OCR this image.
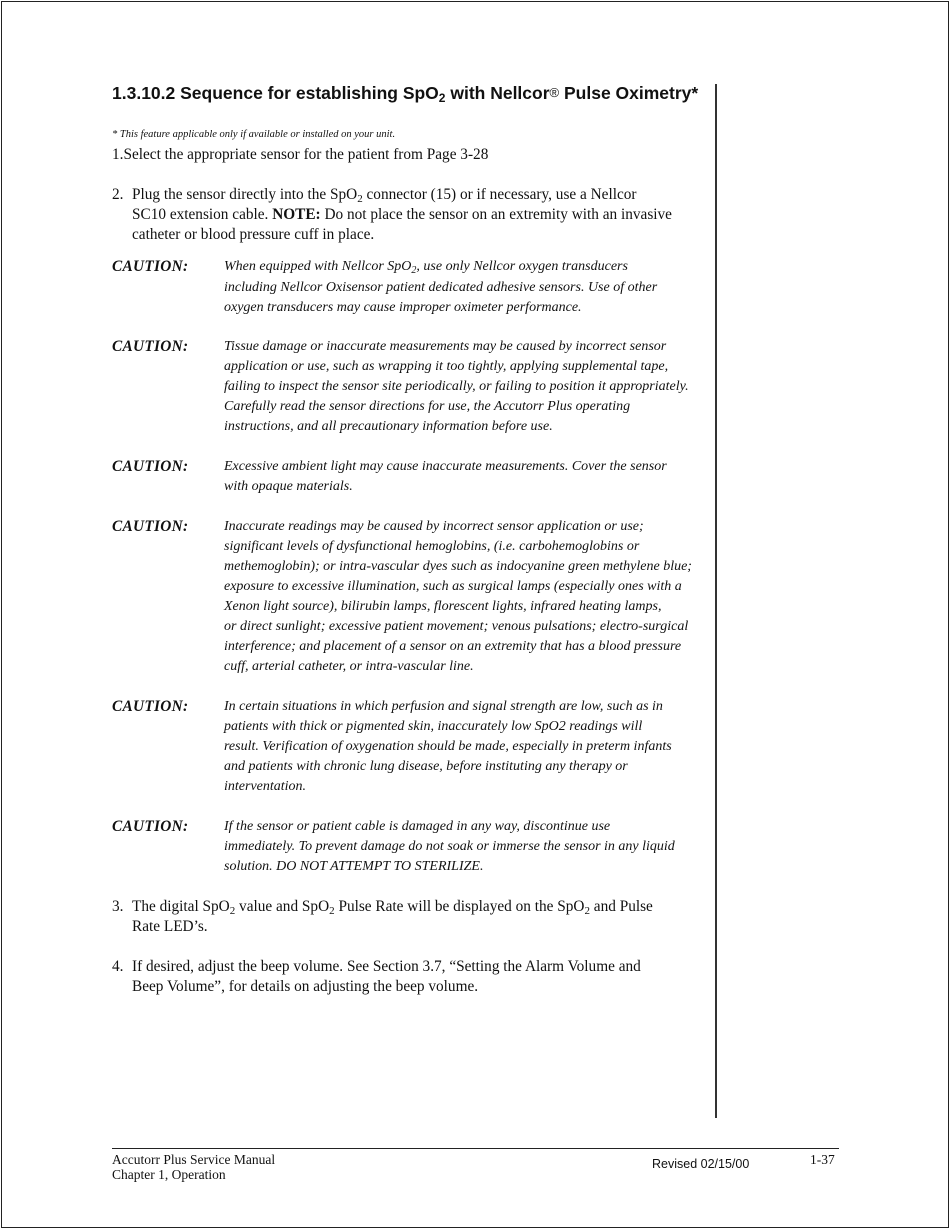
1.3.10.2 Sequence for establishing SpO2 with Nellcor® Pulse Oximetry*
* This feature applicable only if available or installed on your unit.
1.Select the appropriate sensor for the patient from Page 3-28
2. Plug the sensor directly into the SpO2 connector (15) or if necessary, use a Nellcor
SC10 extension cable. NOTE: Do not place the sensor on an extremity with an invasive
catheter or blood pressure cuff in place.
CAUTION:	When equipped with Nellcor SpO$_2$, use only Nellcor oxygen transducers
including Nellcor Oxisensor patient dedicated adhesive sensors. Use of other
oxygen transducers may cause improper oximeter performance.
CAUTION:	Tissue damage or inaccurate measurements may be caused by incorrect sensor
application or use, such as wrapping it too tightly, applying supplemental tape,
failing to inspect the sensor site periodically, or failing to position it appropriately.
Carefully read the sensor directions for use, the Accutorr Plus operating
instructions, and all precautionary information before use.
CAUTION:	Excessive ambient light may cause inaccurate measurements. Cover the sensor
with opaque materials.
CAUTION:	Inaccurate readings may be caused by incorrect sensor application or use;
significant levels of dysfunctional hemoglobins, (i.e. carbohemoglobins or
methemoglobin); or intra-vascular dyes such as indocyanine green methylene blue;
exposure to excessive illumination, such as surgical lamps (especially ones with a
Xenon light source), bilirubin lamps, florescent lights, infrared heating lamps,
or direct sunlight; excessive patient movement; venous pulsations; electro-surgical
interference; and placement of a sensor on an extremity that has a blood pressure
cuff, arterial catheter, or intra-vascular line.
CAUTION:	In certain situations in which perfusion and signal strength are low, such as in
patients with thick or pigmented skin, inaccurately low SpO2 readings will
result. Verification of oxygenation should be made, especially in preterm infants
and patients with chronic lung disease, before instituting any therapy or
interventation.
CAUTION:	If the sensor or patient cable is damaged in any way, discontinue use
immediately. To prevent damage do not soak or immerse the sensor in any liquid
solution. DO NOT ATTEMPT TO STERILIZE.
3. The digital SpO2 value and SpO2 Pulse Rate will be displayed on the SpO2 and Pulse
Rate LED’s.
4. If desired, adjust the beep volume. See Section 3.7, “Setting the Alarm Volume and
Beep Volume”, for details on adjusting the beep volume.
Accutorr Plus Service Manual
Chapter 1, Operation
Revised 02/15/00	1-37
